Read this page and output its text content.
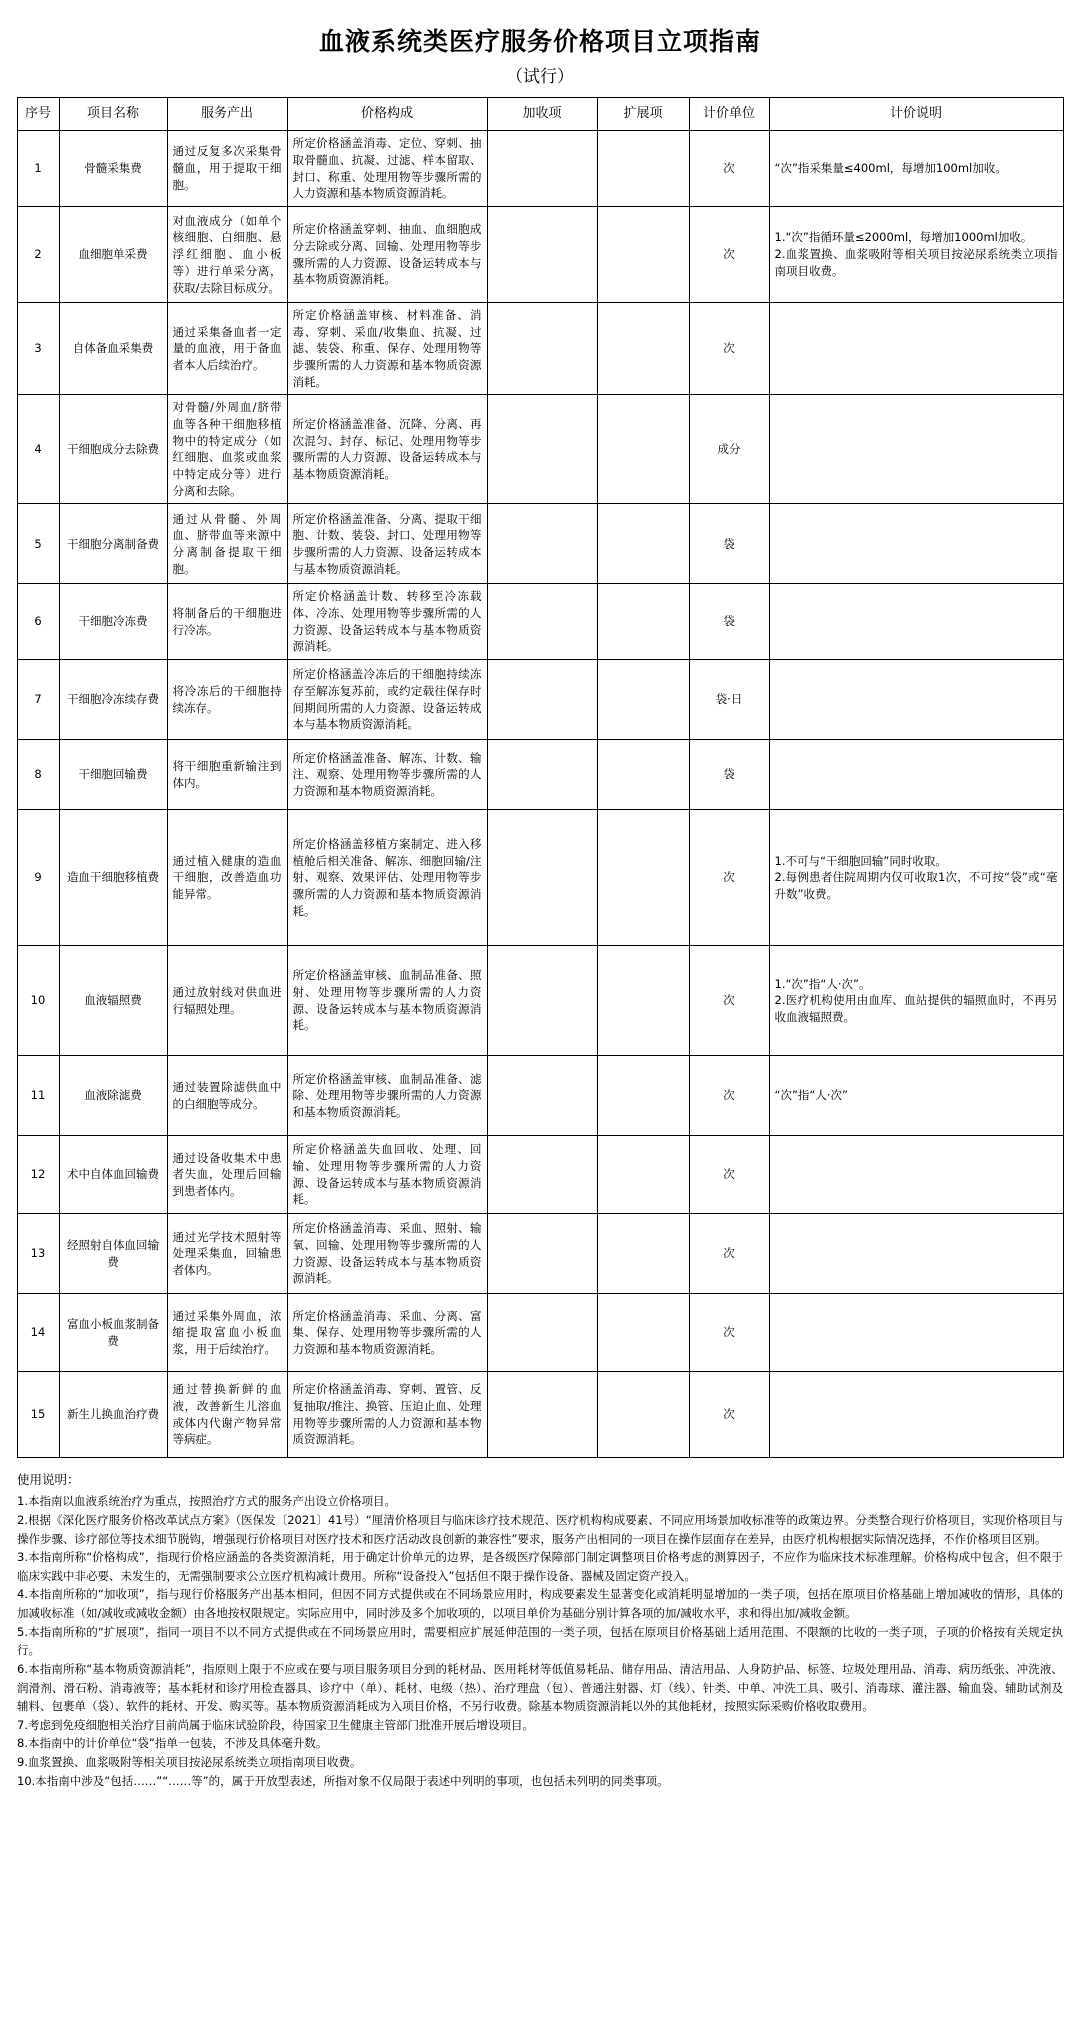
血液系统类医疗服务价格项目立项指南
（试行）
序号	项目名称	服务产出	价格构成	加收项	扩展项	计价单位	计价说明
1	骨髓采集费	通过反复多次采集骨髓血，用于提取干细胞。	所定价格涵盖消毒、定位、穿刺、抽取骨髓血、抗凝、过滤、样本留取、封口、称重、处理用物等步骤所需的人力资源和基本物质资源消耗。			次	“次”指采集量≤400ml，每增加100ml加收。
2	血细胞单采费	对血液成分（如单个核细胞、白细胞、悬浮红细胞、血小板等）进行单采分离，获取/去除目标成分。	所定价格涵盖穿刺、抽血、血细胞成分去除或分离、回输、处理用物等步骤所需的人力资源、设备运转成本与基本物质资源消耗。			次	1.“次”指循环量≤2000ml，每增加1000ml加收。
2.血浆置换、血浆吸附等相关项目按泌尿系统类立项指南项目收费。
3	自体备血采集费	通过采集备血者一定量的血液，用于备血者本人后续治疗。	所定价格涵盖审核、材料准备、消毒、穿刺、采血/收集血、抗凝、过滤、装袋、称重、保存、处理用物等步骤所需的人力资源和基本物质资源消耗。			次	
4	干细胞成分去除费	对骨髓/外周血/脐带血等各种干细胞移植物中的特定成分（如红细胞、血浆或血浆中特定成分等）进行分离和去除。	所定价格涵盖准备、沉降、分离、再次混匀、封存、标记、处理用物等步骤所需的人力资源、设备运转成本与基本物质资源消耗。			成分	
5	干细胞分离制备费	通过从骨髓、外周血、脐带血等来源中分离制备提取干细胞。	所定价格涵盖准备、分离、提取干细胞、计数、装袋、封口、处理用物等步骤所需的人力资源、设备运转成本与基本物质资源消耗。			袋	
6	干细胞冷冻费	将制备后的干细胞进行冷冻。	所定价格涵盖计数、转移至冷冻载体、冷冻、处理用物等步骤所需的人力资源、设备运转成本与基本物质资源消耗。			袋	
7	干细胞冷冻续存费	将冷冻后的干细胞持续冻存。	所定价格涵盖冷冻后的干细胞持续冻存至解冻复苏前，或约定载往保存时间期间所需的人力资源、设备运转成本与基本物质资源消耗。			袋·日	
8	干细胞回输费	将干细胞重新输注到体内。	所定价格涵盖准备、解冻、计数、输注、观察、处理用物等步骤所需的人力资源和基本物质资源消耗。			袋	
9	造血干细胞移植费	通过植入健康的造血干细胞，改善造血功能异常。	所定价格涵盖移植方案制定、进入移植舱后相关准备、解冻、细胞回输/注射、观察、效果评估、处理用物等步骤所需的人力资源和基本物质资源消耗。			次	1.不可与“干细胞回输”同时收取。
2.每例患者住院周期内仅可收取1次，不可按“袋”或“毫升数”收费。
10	血液辐照费	通过放射线对供血进行辐照处理。	所定价格涵盖审核、血制品准备、照射、处理用物等步骤所需的人力资源、设备运转成本与基本物质资源消耗。			次	1.“次”指“人·次”。
2.医疗机构使用由血库、血站提供的辐照血时，不再另收血液辐照费。
11	血液除滤费	通过装置除滤供血中的白细胞等成分。	所定价格涵盖审核、血制品准备、滤除、处理用物等步骤所需的人力资源和基本物质资源消耗。			次	“次”指“人·次”
12	术中自体血回输费	通过设备收集术中患者失血，处理后回输到患者体内。	所定价格涵盖失血回收、处理、回输、处理用物等步骤所需的人力资源、设备运转成本与基本物质资源消耗。			次	
13	经照射自体血回输费	通过光学技术照射等处理采集血，回输患者体内。	所定价格涵盖消毒、采血、照射、输氧、回输、处理用物等步骤所需的人力资源、设备运转成本与基本物质资源消耗。			次	
14	富血小板血浆制备费	通过采集外周血，浓缩提取富血小板血浆，用于后续治疗。	所定价格涵盖消毒、采血、分离、富集、保存、处理用物等步骤所需的人力资源和基本物质资源消耗。			次	
15	新生儿换血治疗费	通过替换新鲜的血液，改善新生儿溶血或体内代谢产物异常等病症。	所定价格涵盖消毒、穿刺、置管、反复抽取/推注、换管、压迫止血、处理用物等步骤所需的人力资源和基本物质资源消耗。			次	

使用说明：

1.本指南以血液系统治疗为重点，按照治疗方式的服务产出设立价格项目。

2.根据《深化医疗服务价格改革试点方案》（医保发〔2021〕41号）“厘清价格项目与临床诊疗技术规范、医疗机构构成要素、不同应用场景加收标准等的政策边界。分类整合现行价格项目，实现价格项目与操作步骤、诊疗部位等技术细节脱钩，增强现行价格项目对医疗技术和医疗活动改良创新的兼容性”要求，服务产出相同的一项目在操作层面存在差异，由医疗机构根据实际情况选择，不作价格项目区别。

3.本指南所称“价格构成”，指现行价格应涵盖的各类资源消耗，用于确定计价单元的边界，是各级医疗保障部门制定调整项目价格考虑的测算因子，不应作为临床技术标准理解。价格构成中包含，但不限于临床实践中非必要、未发生的，无需强制要求公立医疗机构减计费用。所称“设备投入”包括但不限于操作设备、器械及固定资产投入。

4.本指南所称的“加收项”，指与现行价格服务产出基本相同，但因不同方式提供或在不同场景应用时，构成要素发生显著变化或消耗明显增加的一类子项，包括在原项目价格基础上增加减收的情形，具体的加减收标准（如/减收或减收金额）由各地按权限规定。实际应用中，同时涉及多个加收项的，以项目单价为基础分别计算各项的加/减收水平，求和得出加/减收金额。

5.本指南所称的“扩展项”，指同一项目不以不同方式提供或在不同场景应用时，需要相应扩展延伸范围的一类子项，包括在原项目价格基础上适用范围、不限额的比收的一类子项，子项的价格按有关规定执行。

6.本指南所称“基本物质资源消耗”，指原则上限于不应或在要与项目服务项目分到的耗材品、医用耗材等低值易耗品、储存用品、清洁用品、人身防护品、标签、垃圾处理用品、消毒、病历纸张、冲洗液、润滑剂、滑石粉、消毒液等；基本耗材和诊疗用检查器具、诊疗中（单）、耗材、电级（热）、治疗理盘（包）、普通注射器、灯（线）、针类、中单、冲洗工具、吸引、消毒球、灌注器、输血袋、辅助试剂及辅料、包裹单（袋）、软件的耗材、开发、购买等。基本物质资源消耗成为入项目价格，不另行收费。除基本物质资源消耗以外的其他耗材，按照实际采购价格收取费用。

7.考虑到免疫细胞相关治疗目前尚属于临床试验阶段，待国家卫生健康主管部门批准开展后增设项目。

8.本指南中的计价单位“袋”指单一包装，不涉及具体毫升数。

9.血浆置换、血浆吸附等相关项目按泌尿系统类立项指南项目收费。

10.本指南中涉及“包括……”“……等”的，属于开放型表述，所指对象不仅局限于表述中列明的事项，也包括未列明的同类事项。
